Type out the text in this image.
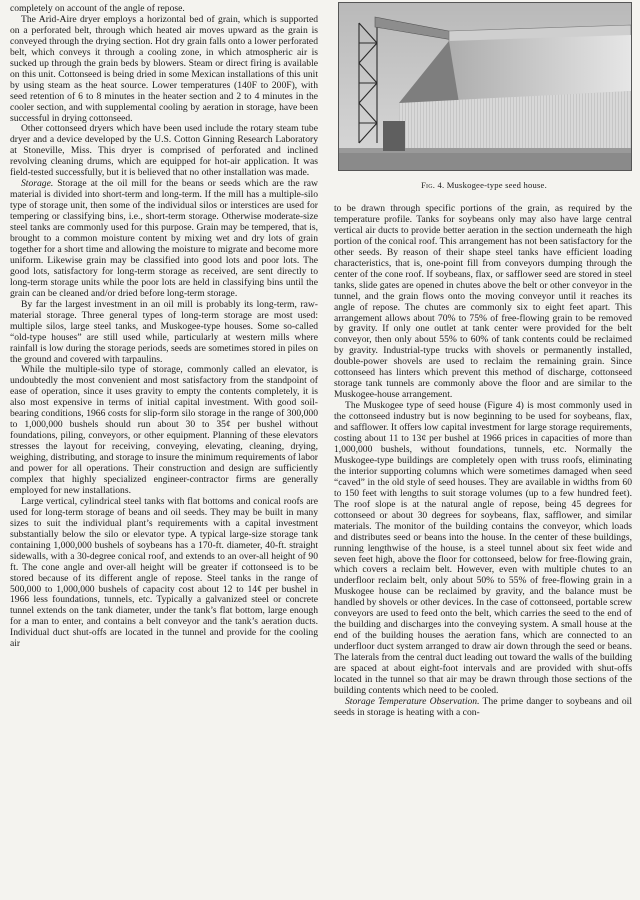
completely on account of the angle of repose.

The Arid-Aire dryer employs a horizontal bed of grain, which is supported on a perforated belt, through which heated air moves upward as the grain is conveyed through the drying section. Hot dry grain falls onto a lower perforated belt, which conveys it through a cooling zone, in which atmospheric air is sucked up through the grain beds by blowers. Steam or direct firing is available on this unit. Cottonseed is being dried in some Mexican installations of this unit by using steam as the heat source. Lower temperatures (140F to 200F), with seed retention of 6 to 8 minutes in the heater section and 2 to 4 minutes in the cooler section, and with supplemental cooling by aeration in storage, have been successful in drying cottonseed.

Other cottonseed dryers which have been used include the rotary steam tube dryer and a device developed by the U.S. Cotton Ginning Research Laboratory at Stoneville, Miss. This dryer is comprised of perforated and inclined revolving cleaning drums, which are equipped for hot-air application. It was field-tested successfully, but it is believed that no other installation was made.

Storage. Storage at the oil mill for the beans or seeds which are the raw material is divided into short-term and long-term. If the mill has a multiple-silo type of storage unit, then some of the individual silos or interstices are used for tempering or classifying bins, i.e., short-term storage. Otherwise moderate-size steel tanks are commonly used for this purpose. Grain may be tempered, that is, brought to a common moisture content by mixing wet and dry lots of grain together for a short time and allowing the moisture to migrate and become more uniform. Likewise grain may be classified into good lots and poor lots. The good lots, satisfactory for long-term storage as received, are sent directly to long-term storage units while the poor lots are held in classifying bins until the grain can be cleaned and/or dried before long-term storage.

By far the largest investment in an oil mill is probably its long-term, raw-material storage. Three general types of long-term storage are most used: multiple silos, large steel tanks, and Muskogee-type houses. Some so-called “old-type houses” are still used while, particularly at western mills where rainfall is low during the storage periods, seeds are sometimes stored in piles on the ground and covered with tarpaulins.

While the multiple-silo type of storage, commonly called an elevator, is undoubtedly the most convenient and most satisfactory from the standpoint of ease of operation, since it uses gravity to empty the contents completely, it is also most expensive in terms of initial capital investment. With good soil-bearing conditions, 1966 costs for slip-form silo storage in the range of 300,000 to 1,000,000 bushels should run about 30 to 35¢ per bushel without foundations, piling, conveyors, or other equipment. Planning of these elevators stresses the layout for receiving, conveying, elevating, cleaning, drying, weighing, distributing, and storage to insure the minimum requirements of labor and power for all operations. Their construction and design are sufficiently complex that highly specialized engineer-contractor firms are generally employed for new installations.

Large vertical, cylindrical steel tanks with flat bottoms and conical roofs are used for long-term storage of beans and oil seeds. They may be built in many sizes to suit the individual plant’s requirements with a capital investment substantially below the silo or elevator type. A typical large-size storage tank containing 1,000,000 bushels of soybeans has a 170-ft. diameter, 40-ft. straight sidewalls, with a 30-degree conical roof, and extends to an over-all height of 90 ft. The cone angle and over-all height will be greater if cottonseed is to be stored because of its different angle of repose. Steel tanks in the range of 500,000 to 1,000,000 bushels of capacity cost about 12 to 14¢ per bushel in 1966 less foundations, tunnels, etc. Typically a galvanized steel or concrete tunnel extends on the tank diameter, under the tank’s flat bottom, large enough for a man to enter, and contains a belt conveyor and the tank’s aeration ducts. Individual duct shut-offs are located in the tunnel and provide for the cooling air

Fig. 4. Muskogee-type seed house.

to be drawn through specific portions of the grain, as required by the temperature profile. Tanks for soybeans only may also have large central vertical air ducts to provide better aeration in the section underneath the high portion of the conical roof. This arrangement has not been satisfactory for the other seeds. By reason of their shape steel tanks have efficient loading characteristics, that is, one-point fill from conveyors dumping through the center of the cone roof. If soybeans, flax, or safflower seed are stored in steel tanks, slide gates are opened in chutes above the belt or other conveyor in the tunnel, and the grain flows onto the moving conveyor until it reaches its angle of repose. The chutes are commonly six to eight feet apart. This arrangement allows about 70% to 75% of free-flowing grain to be removed by gravity. If only one outlet at tank center were provided for the belt conveyor, then only about 55% to 60% of tank contents could be reclaimed by gravity. Industrial-type trucks with shovels or permanently installed, double-power shovels are used to reclaim the remaining grain. Since cottonseed has linters which prevent this method of discharge, cottonseed storage tank tunnels are commonly above the floor and are similar to the Muskogee-house arrangement.

The Muskogee type of seed house (Figure 4) is most commonly used in the cottonseed industry but is now beginning to be used for soybeans, flax, and safflower. It offers low capital investment for large storage requirements, costing about 11 to 13¢ per bushel at 1966 prices in capacities of more than 1,000,000 bushels, without foundations, tunnels, etc. Normally the Muskogee-type buildings are completely open with truss roofs, eliminating the interior supporting columns which were sometimes damaged when seed “caved” in the old style of seed houses. They are available in widths from 60 to 150 feet with lengths to suit storage volumes (up to a few hundred feet). The roof slope is at the natural angle of repose, being 45 degrees for cottonseed or about 30 degrees for soybeans, flax, safflower, and similar materials. The monitor of the building contains the conveyor, which loads and distributes seed or beans into the house. In the center of these buildings, running lengthwise of the house, is a steel tunnel about six feet wide and seven feet high, above the floor for cottonseed, below for free-flowing grain, which covers a reclaim belt. However, even with multiple chutes to an underfloor reclaim belt, only about 50% to 55% of free-flowing grain in a Muskogee house can be reclaimed by gravity, and the balance must be handled by shovels or other devices. In the case of cottonseed, portable screw conveyors are used to feed onto the belt, which carries the seed to the end of the building and discharges into the conveying system. A small house at the end of the building houses the aeration fans, which are connected to an underfloor duct system arranged to draw air down through the seed or beans. The laterals from the central duct leading out toward the walls of the building are spaced at about eight-foot intervals and are provided with shut-offs located in the tunnel so that air may be drawn through those sections of the building contents which need to be cooled.

Storage Temperature Observation. The prime danger to soybeans and oil seeds in storage is heating with a con-
